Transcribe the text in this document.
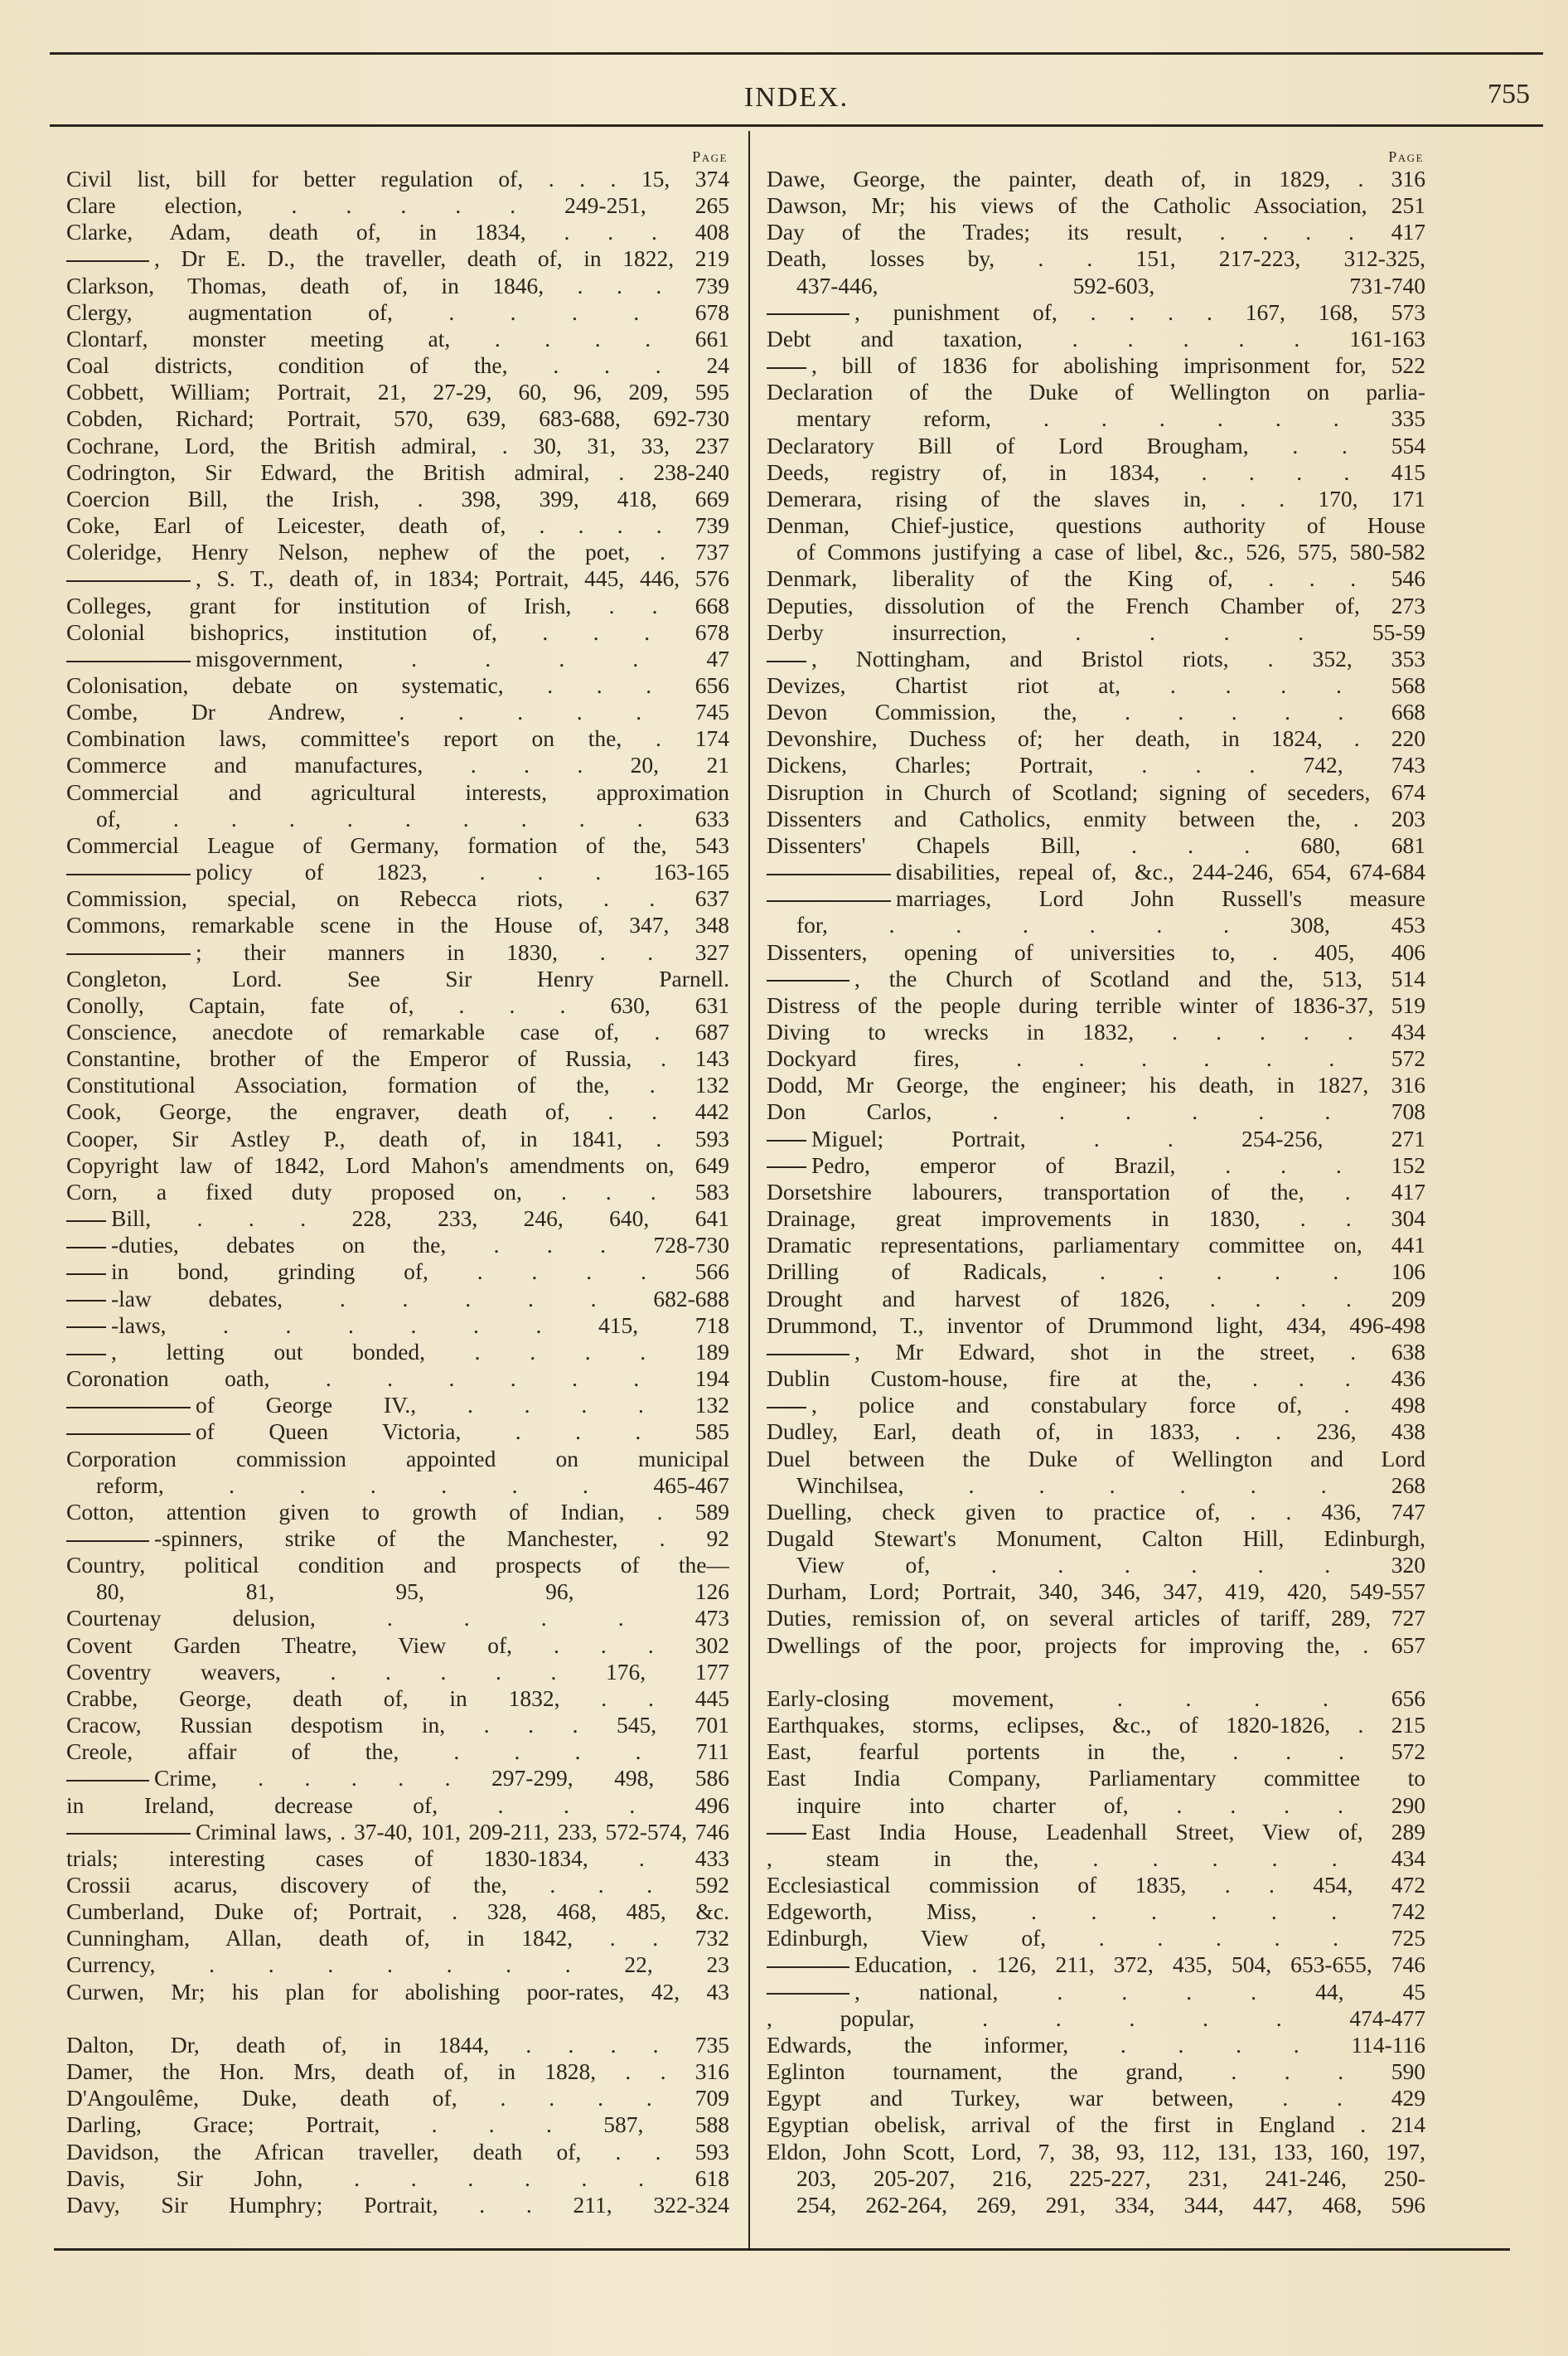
INDEX.	755
Page
Civil list, bill for better regulation of, . . . 15, 374
Clare election, . . . . . 249-251, 265
Clarke, Adam, death of, in 1834, . . . 408
, Dr E. D., the traveller, death of, in 1822, 219
Clarkson, Thomas, death of, in 1846, . . . 739
Clergy, augmentation of, . . . . 678
Clontarf, monster meeting at, . . . . 661
Coal districts, condition of the, . . . 24
Cobbett, William; Portrait, 21, 27-29, 60, 96, 209, 595
Cobden, Richard; Portrait, 570, 639, 683-688, 692-730
Cochrane, Lord, the British admiral, . 30, 31, 33, 237
Codrington, Sir Edward, the British admiral, . 238-240
Coercion Bill, the Irish, . 398, 399, 418, 669
Coke, Earl of Leicester, death of, . . . . 739
Coleridge, Henry Nelson, nephew of the poet, . 737
, S. T., death of, in 1834; Portrait, 445, 446, 576
Colleges, grant for institution of Irish, . . 668
Colonial bishoprics, institution of, . . . 678
misgovernment, . . . . 47
Colonisation, debate on systematic, . . . 656
Combe, Dr Andrew, . . . . . 745
Combination laws, committee's report on the, . 174
Commerce and manufactures, . . . 20, 21
Commercial and agricultural interests, approximation
of, . . . . . . . . . 633
Commercial League of Germany, formation of the, 543
policy of 1823, . . . 163-165
Commission, special, on Rebecca riots, . . 637
Commons, remarkable scene in the House of, 347, 348
; their manners in 1830, . . 327
Congleton, Lord. See Sir Henry Parnell.
Conolly, Captain, fate of, . . . 630, 631
Conscience, anecdote of remarkable case of, . 687
Constantine, brother of the Emperor of Russia, . 143
Constitutional Association, formation of the, . 132
Cook, George, the engraver, death of, . . 442
Cooper, Sir Astley P., death of, in 1841, . 593
Copyright law of 1842, Lord Mahon's amendments on, 649
Corn, a fixed duty proposed on, . . . 583
Bill, . . . 228, 233, 246, 640, 641
-duties, debates on the, . . . 728-730
in bond, grinding of, . . . . 566
-law debates, . . . . . 682-688
-laws, . . . . . . 415, 718
, letting out bonded, . . . . 189
Coronation oath, . . . . . . 194
of George IV., . . . . 132
of Queen Victoria, . . . 585
Corporation commission appointed on municipal
reform, . . . . . . 465-467
Cotton, attention given to growth of Indian, . 589
-spinners, strike of the Manchester, . 92
Country, political condition and prospects of the—
80, 81, 95, 96, 126
Courtenay delusion, . . . . 473
Covent Garden Theatre, View of, . . . 302
Coventry weavers, . . . . . 176, 177
Crabbe, George, death of, in 1832, . . 445
Cracow, Russian despotism in, . . . 545, 701
Creole, affair of the, . . . . 711
Crime, . . . . . 297-299, 498, 586
in Ireland, decrease of, . . . 496
Criminal laws, . 37-40, 101, 209-211, 233, 572-574, 746
trials; interesting cases of 1830-1834, . 433
Crossii acarus, discovery of the, . . . 592
Cumberland, Duke of; Portrait, . 328, 468, 485, &c.
Cunningham, Allan, death of, in 1842, . . 732
Currency, . . . . . . . 22, 23
Curwen, Mr; his plan for abolishing poor-rates, 42, 43
Dalton, Dr, death of, in 1844, . . . . 735
Damer, the Hon. Mrs, death of, in 1828, . . 316
D'Angoulême, Duke, death of, . . . . 709
Darling, Grace; Portrait, . . . 587, 588
Davidson, the African traveller, death of, . . 593
Davis, Sir John, . . . . . . 618
Davy, Sir Humphry; Portrait, . . 211, 322-324
Page
Dawe, George, the painter, death of, in 1829, . 316
Dawson, Mr; his views of the Catholic Association, 251
Day of the Trades; its result, . . . . 417
Death, losses by, . . 151, 217-223, 312-325,
437-446, 592-603, 731-740
, punishment of, . . . . 167, 168, 573
Debt and taxation, . . . . . 161-163
, bill of 1836 for abolishing imprisonment for, 522
Declaration of the Duke of Wellington on parlia-
mentary reform, . . . . . . 335
Declaratory Bill of Lord Brougham, . . 554
Deeds, registry of, in 1834, . . . . 415
Demerara, rising of the slaves in, . . 170, 171
Denman, Chief-justice, questions authority of House
of Commons justifying a case of libel, &c., 526, 575, 580-582
Denmark, liberality of the King of, . . . 546
Deputies, dissolution of the French Chamber of, 273
Derby insurrection, . . . . 55-59
, Nottingham, and Bristol riots, . 352, 353
Devizes, Chartist riot at, . . . . 568
Devon Commission, the, . . . . . 668
Devonshire, Duchess of; her death, in 1824, . 220
Dickens, Charles; Portrait, . . . 742, 743
Disruption in Church of Scotland; signing of seceders, 674
Dissenters and Catholics, enmity between the, . 203
Dissenters' Chapels Bill, . . . 680, 681
disabilities, repeal of, &c., 244-246, 654, 674-684
marriages, Lord John Russell's measure
for, . . . . . . 308, 453
Dissenters, opening of universities to, . 405, 406
, the Church of Scotland and the, 513, 514
Distress of the people during terrible winter of 1836-37, 519
Diving to wrecks in 1832, . . . . . 434
Dockyard fires, . . . . . . 572
Dodd, Mr George, the engineer; his death, in 1827, 316
Don Carlos, . . . . . . 708
Miguel; Portrait, . . 254-256, 271
Pedro, emperor of Brazil, . . . 152
Dorsetshire labourers, transportation of the, . 417
Drainage, great improvements in 1830, . . 304
Dramatic representations, parliamentary committee on, 441
Drilling of Radicals, . . . . . 106
Drought and harvest of 1826, . . . . 209
Drummond, T., inventor of Drummond light, 434, 496-498
, Mr Edward, shot in the street, . 638
Dublin Custom-house, fire at the, . . . 436
, police and constabulary force of, . 498
Dudley, Earl, death of, in 1833, . . 236, 438
Duel between the Duke of Wellington and Lord
Winchilsea, . . . . . . 268
Duelling, check given to practice of, . . 436, 747
Dugald Stewart's Monument, Calton Hill, Edinburgh,
View of, . . . . . . 320
Durham, Lord; Portrait, 340, 346, 347, 419, 420, 549-557
Duties, remission of, on several articles of tariff, 289, 727
Dwellings of the poor, projects for improving the, . 657
Early-closing movement, . . . . 656
Earthquakes, storms, eclipses, &c., of 1820-1826, . 215
East, fearful portents in the, . . . 572
East India Company, Parliamentary committee to
inquire into charter of, . . . . 290
East India House, Leadenhall Street, View of, 289
, steam in the, . . . . . 434
Ecclesiastical commission of 1835, . . 454, 472
Edgeworth, Miss, . . . . . . 742
Edinburgh, View of, . . . . . 725
Education, . 126, 211, 372, 435, 504, 653-655, 746
, national, . . . . 44, 45
, popular, . . . . . 474-477
Edwards, the informer, . . . . 114-116
Eglinton tournament, the grand, . . . 590
Egypt and Turkey, war between, . . 429
Egyptian obelisk, arrival of the first in England . 214
Eldon, John Scott, Lord, 7, 38, 93, 112, 131, 133, 160, 197,
203, 205-207, 216, 225-227, 231, 241-246, 250-
254, 262-264, 269, 291, 334, 344, 447, 468, 596
